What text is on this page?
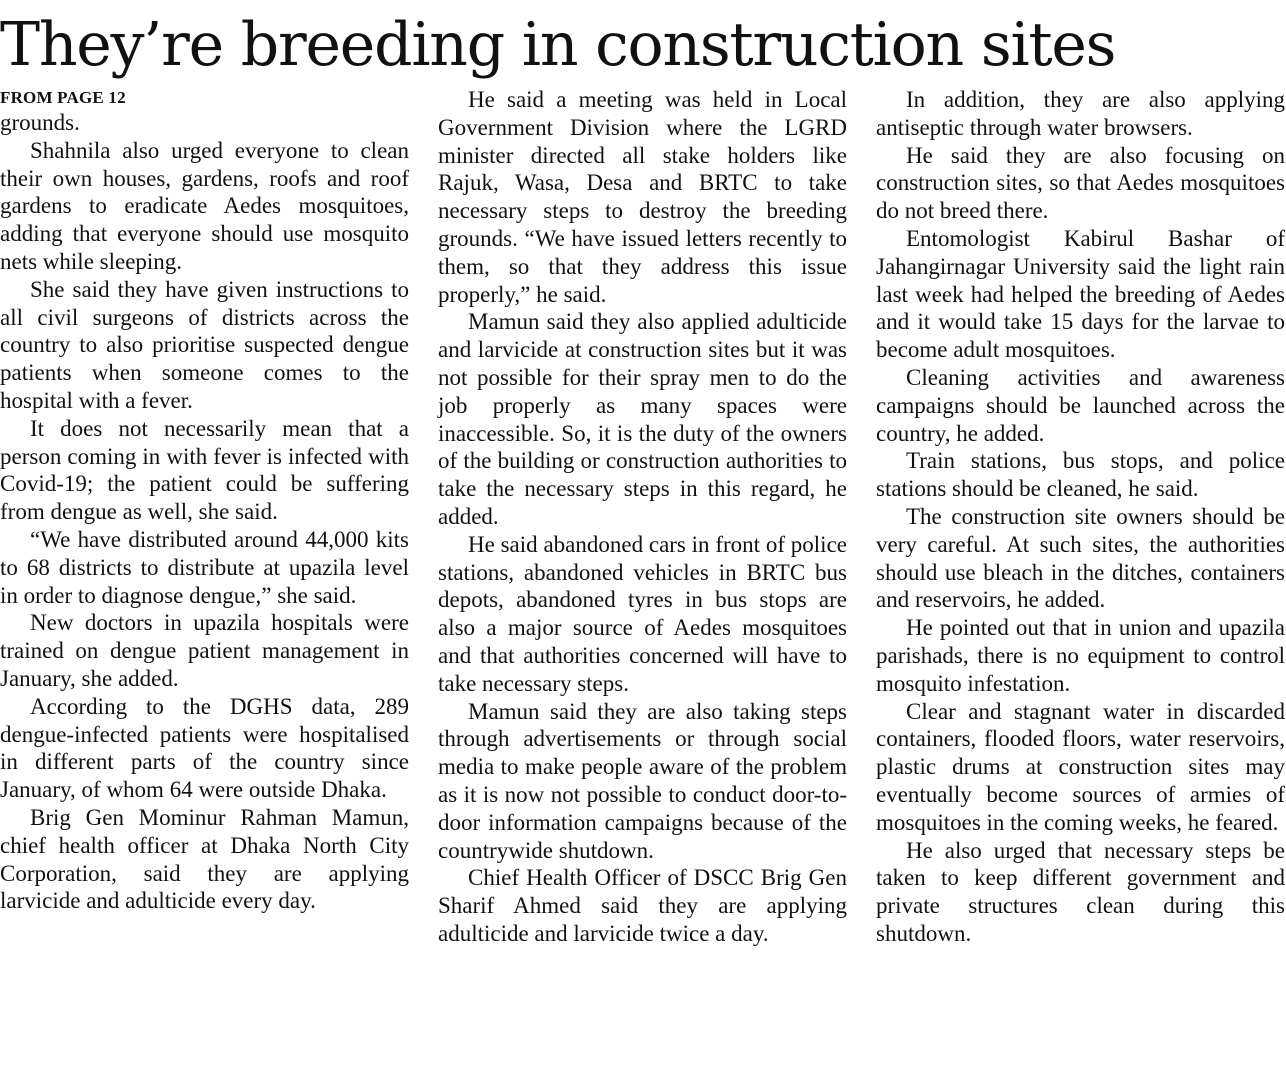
They’re breeding in construction sites
FROM PAGE 12

grounds.

Shahnila also urged everyone to clean their own houses, gardens, roofs and roof gardens to eradicate Aedes mosquitoes, adding that everyone should use mosquito nets while sleeping.

She said they have given instructions to all civil surgeons of districts across the country to also prioritise suspected dengue patients when someone comes to the hospital with a fever.

It does not necessarily mean that a person coming in with fever is infected with Covid-19; the patient could be suffering from dengue as well, she said.

“We have distributed around 44,000 kits to 68 districts to distribute at upazila level in order to diagnose dengue,” she said.

New doctors in upazila hospitals were trained on dengue patient management in January, she added.

According to the DGHS data, 289 dengue-infected patients were hospitalised in different parts of the country since January, of whom 64 were outside Dhaka.

Brig Gen Mominur Rahman Mamun, chief health officer at Dhaka North City Corporation, said they are applying larvicide and adulticide every day.

He said a meeting was held in Local Government Division where the LGRD minister directed all stake holders like Rajuk, Wasa, Desa and BRTC to take necessary steps to destroy the breeding grounds. “We have issued letters recently to them, so that they address this issue properly,” he said.

Mamun said they also applied adulticide and larvicide at construction sites but it was not possible for their spray men to do the job properly as many spaces were inaccessible. So, it is the duty of the owners of the building or construction authorities to take the necessary steps in this regard, he added.

He said abandoned cars in front of police stations, abandoned vehicles in BRTC bus depots, abandoned tyres in bus stops are also a major source of Aedes mosquitoes and that authorities concerned will have to take necessary steps.

Mamun said they are also taking steps through advertisements or through social media to make people aware of the problem as it is now not possible to conduct door-to-door information campaigns because of the countrywide shutdown.

Chief Health Officer of DSCC Brig Gen Sharif Ahmed said they are applying adulticide and larvicide twice a day.

In addition, they are also applying antiseptic through water browsers.

He said they are also focusing on construction sites, so that Aedes mosquitoes do not breed there.

Entomologist Kabirul Bashar of Jahangirnagar University said the light rain last week had helped the breeding of Aedes and it would take 15 days for the larvae to become adult mosquitoes.

Cleaning activities and awareness campaigns should be launched across the country, he added.

Train stations, bus stops, and police stations should be cleaned, he said.

The construction site owners should be very careful. At such sites, the authorities should use bleach in the ditches, containers and reservoirs, he added.

He pointed out that in union and upazila parishads, there is no equipment to control mosquito infestation.

Clear and stagnant water in discarded containers, flooded floors, water reservoirs, plastic drums at construction sites may eventually become sources of armies of mosquitoes in the coming weeks, he feared.

He also urged that necessary steps be taken to keep different government and private structures clean during this shutdown.
